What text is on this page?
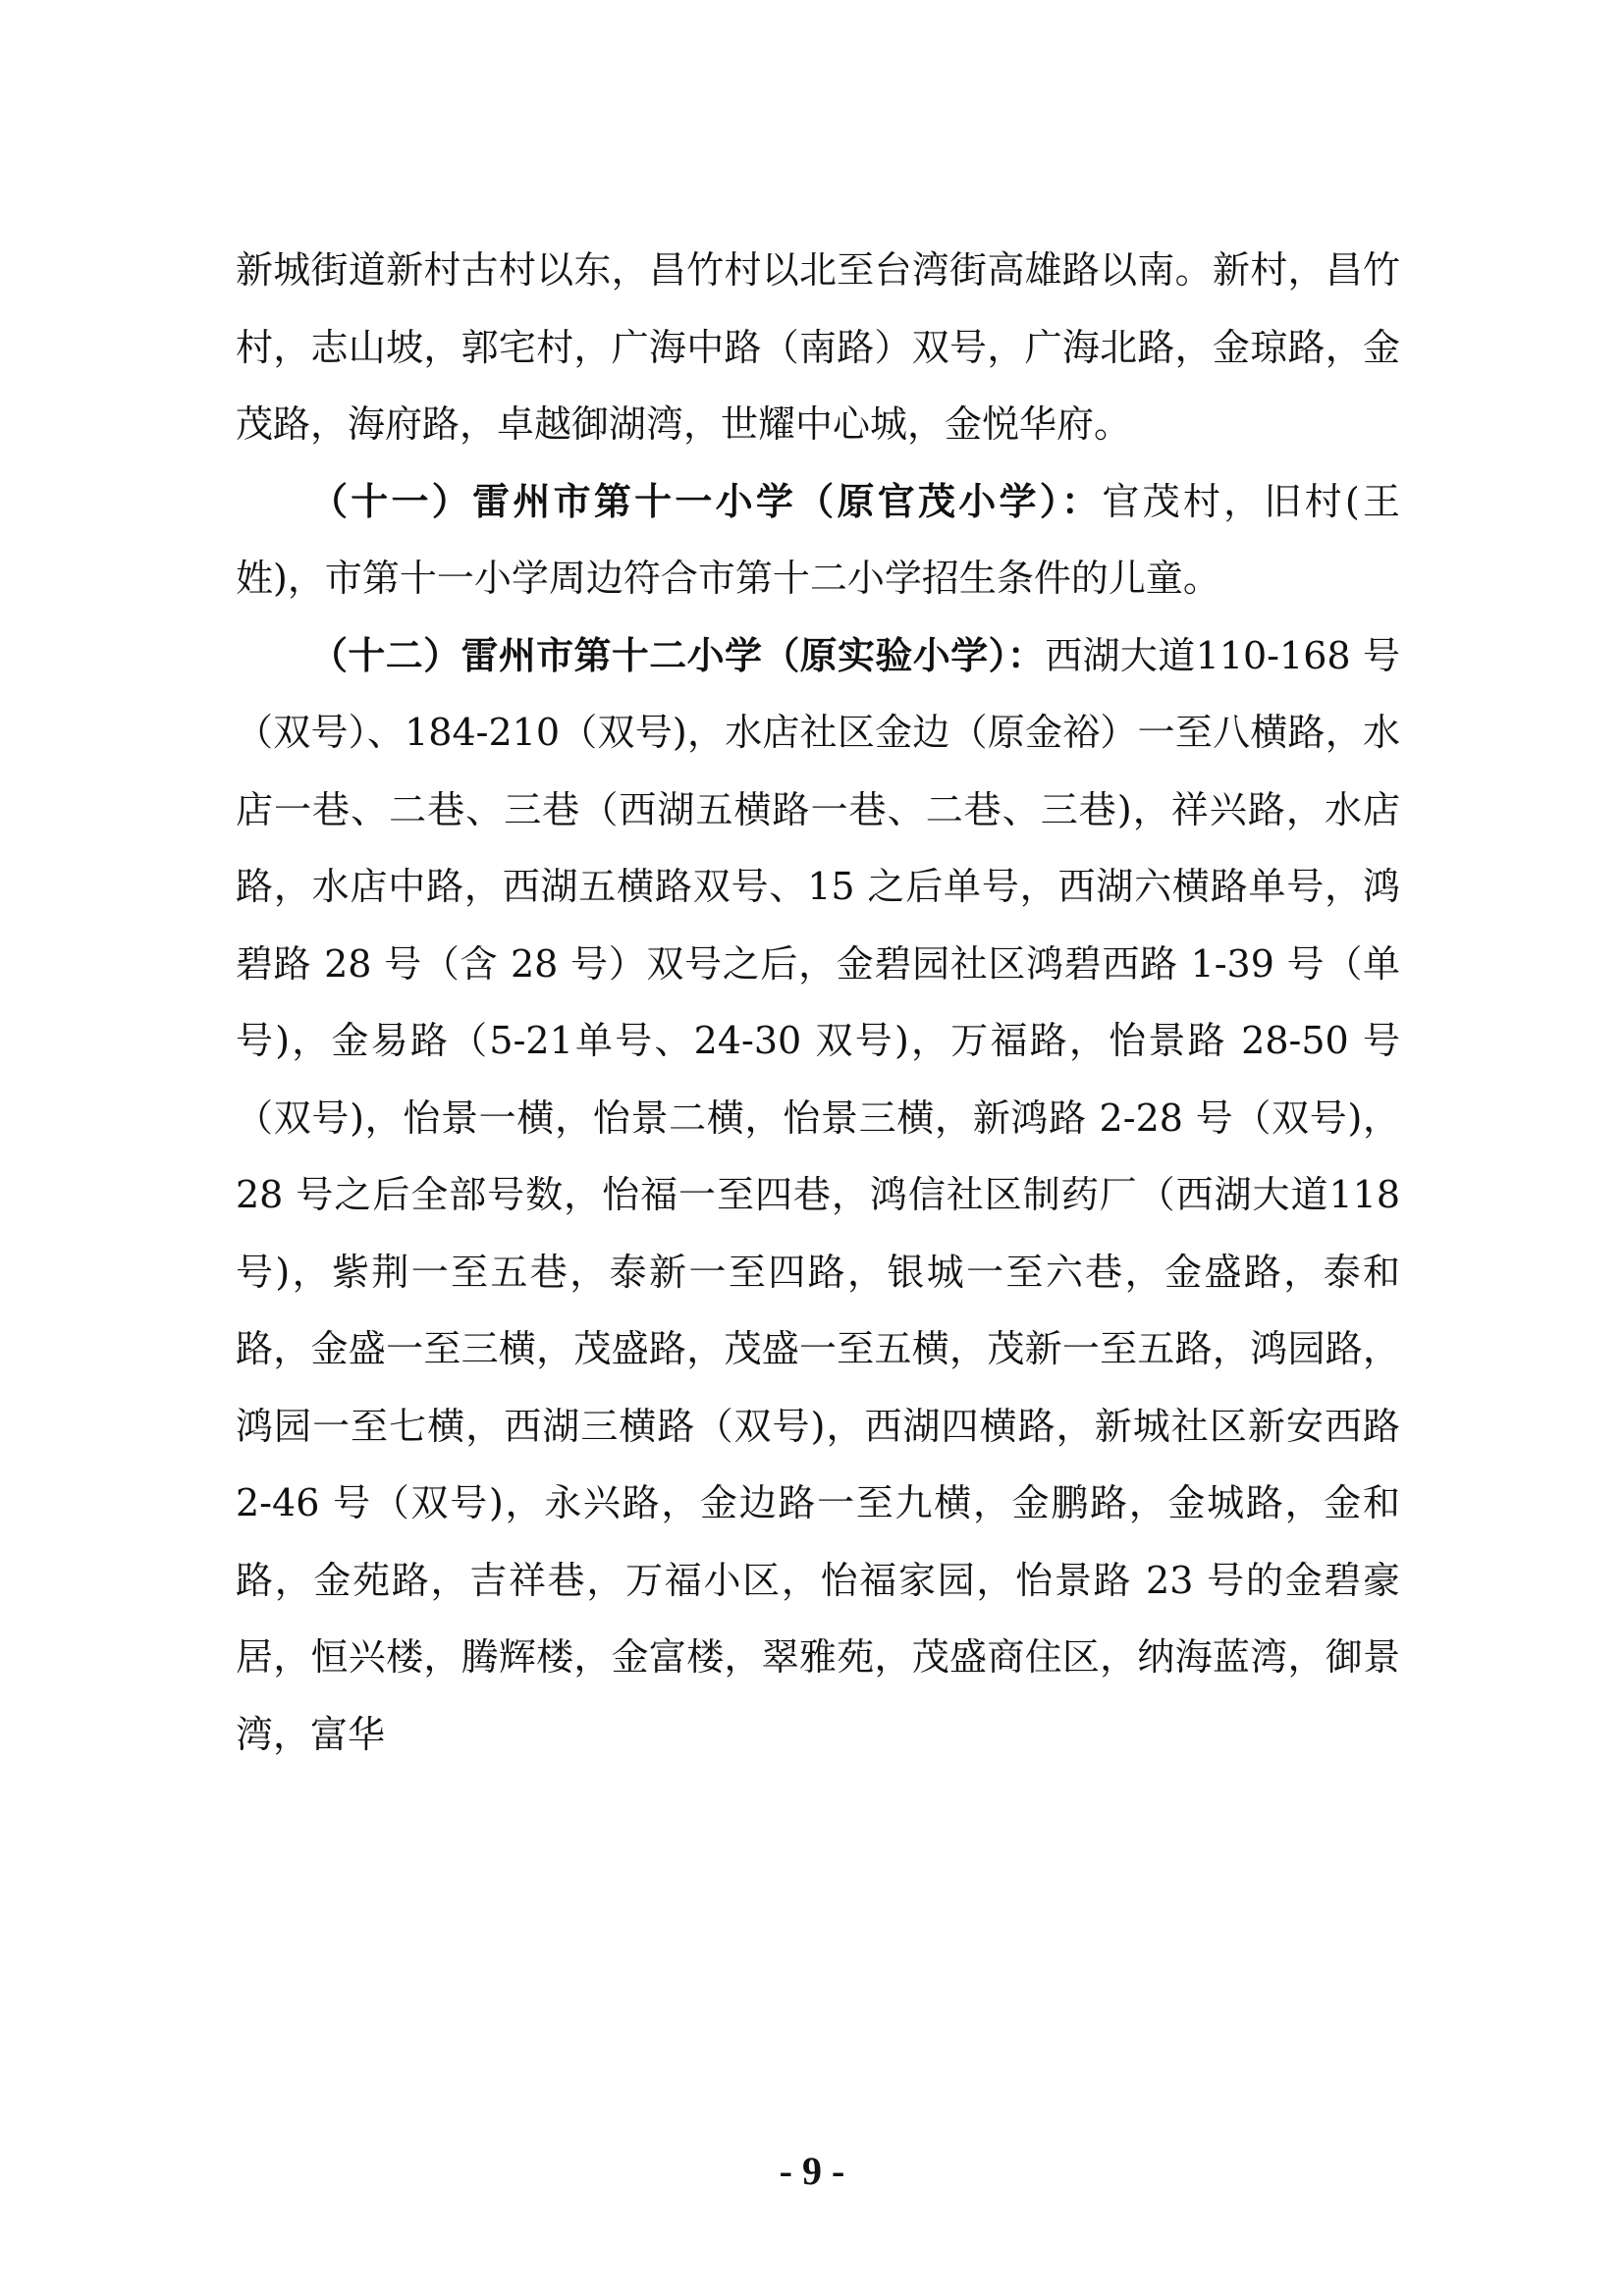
新城街道新村古村以东，昌竹村以北至台湾街高雄路以南。新村，昌竹村，志山坡，郭宅村，广海中路（南路）双号，广海北路，金琼路，金茂路，海府路，卓越御湖湾，世耀中心城，金悦华府。

（十一）雷州市第十一小学（原官茂小学）：官茂村，旧村(王姓)，市第十一小学周边符合市第十二小学招生条件的儿童。

（十二）雷州市第十二小学（原实验小学）：西湖大道110-168 号（双号）、184-210（双号)，水店社区金边（原金裕）一至八横路，水店一巷、二巷、三巷（西湖五横路一巷、二巷、三巷)，祥兴路，水店路，水店中路，西湖五横路双号、15 之后单号，西湖六横路单号，鸿碧路 28 号（含 28 号）双号之后，金碧园社区鸿碧西路 1-39 号（单号)，金易路（5-21单号、24-30 双号)，万福路，怡景路 28-50 号（双号)，怡景一横，怡景二横，怡景三横，新鸿路 2-28 号（双号)，28 号之后全部号数，怡福一至四巷，鸿信社区制药厂（西湖大道118 号)，紫荆一至五巷，泰新一至四路，银城一至六巷，金盛路，泰和路，金盛一至三横，茂盛路，茂盛一至五横，茂新一至五路，鸿园路，鸿园一至七横，西湖三横路（双号)，西湖四横路，新城社区新安西路 2-46 号（双号)，永兴路，金边路一至九横，金鹏路，金城路，金和路，金苑路，吉祥巷，万福小区，怡福家园，怡景路 23 号的金碧豪居，恒兴楼，腾辉楼，金富楼，翠雅苑，茂盛商住区，纳海蓝湾，御景湾，富华

- 9 -
